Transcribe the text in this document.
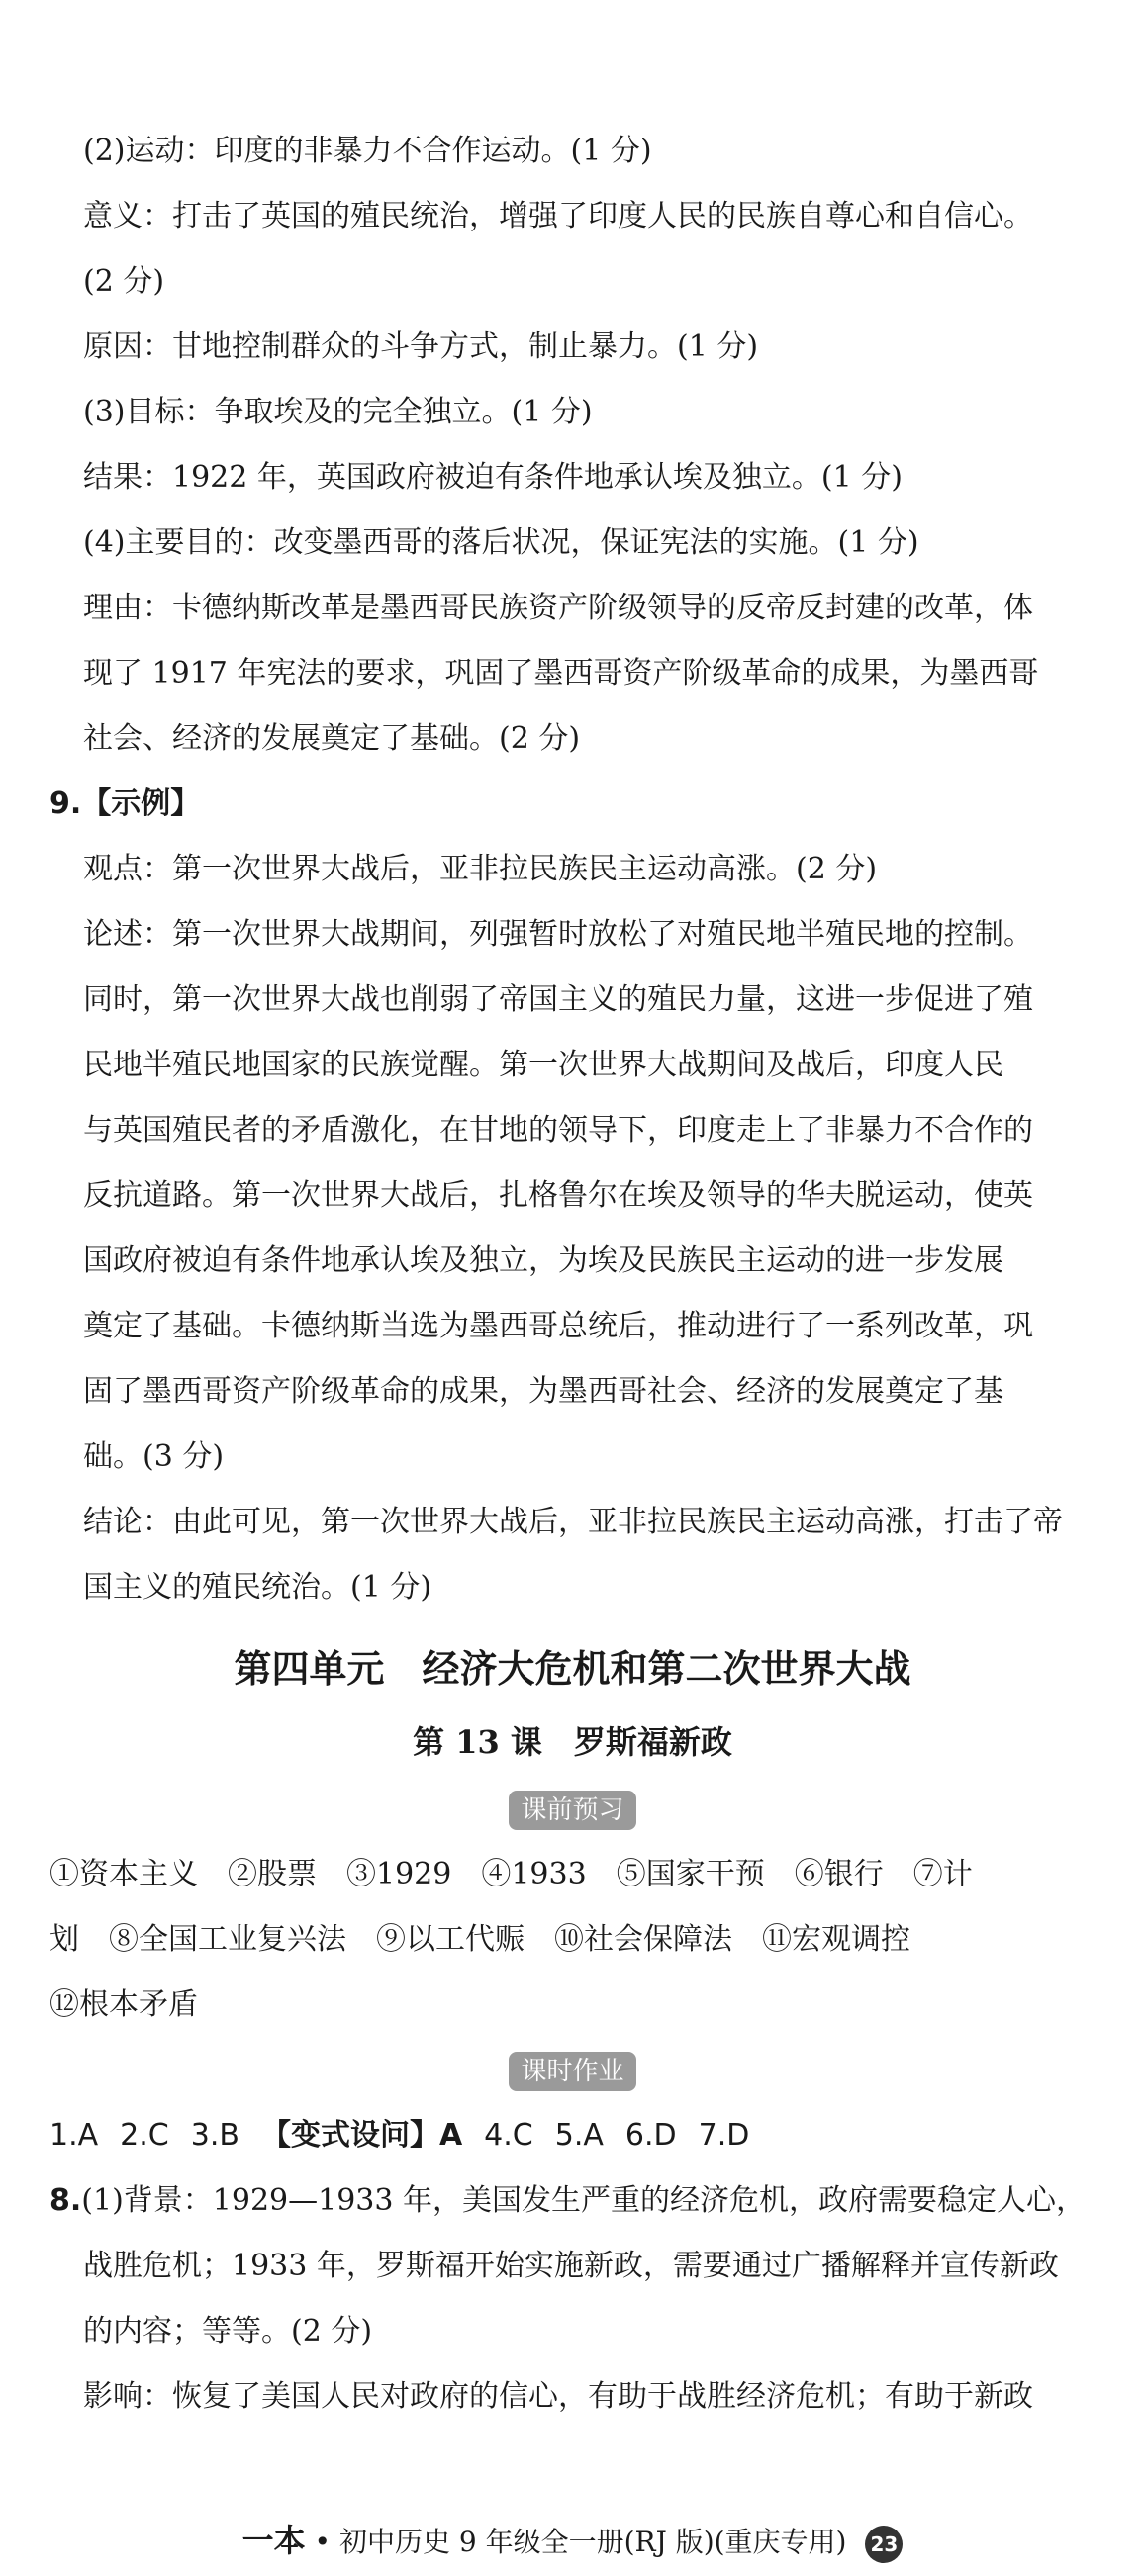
(2)运动：印度的非暴力不合作运动。(1 分)
意义：打击了英国的殖民统治，增强了印度人民的民族自尊心和自信心。
(2 分)
原因：甘地控制群众的斗争方式，制止暴力。(1 分)
(3)目标：争取埃及的完全独立。(1 分)
结果：1922 年，英国政府被迫有条件地承认埃及独立。(1 分)
(4)主要目的：改变墨西哥的落后状况，保证宪法的实施。(1 分)
理由：卡德纳斯改革是墨西哥民族资产阶级领导的反帝反封建的改革，体
现了 1917 年宪法的要求，巩固了墨西哥资产阶级革命的成果，为墨西哥
社会、经济的发展奠定了基础。(2 分)
9.【示例】
观点：第一次世界大战后，亚非拉民族民主运动高涨。(2 分)
论述：第一次世界大战期间，列强暂时放松了对殖民地半殖民地的控制。
同时，第一次世界大战也削弱了帝国主义的殖民力量，这进一步促进了殖
民地半殖民地国家的民族觉醒。第一次世界大战期间及战后，印度人民
与英国殖民者的矛盾激化，在甘地的领导下，印度走上了非暴力不合作的
反抗道路。第一次世界大战后，扎格鲁尔在埃及领导的华夫脱运动，使英
国政府被迫有条件地承认埃及独立，为埃及民族民主运动的进一步发展
奠定了基础。卡德纳斯当选为墨西哥总统后，推动进行了一系列改革，巩
固了墨西哥资产阶级革命的成果，为墨西哥社会、经济的发展奠定了基
础。(3 分)
结论：由此可见，第一次世界大战后，亚非拉民族民主运动高涨，打击了帝
国主义的殖民统治。(1 分)
第四单元　经济大危机和第二次世界大战
第 13 课　罗斯福新政
课前预习
①资本主义　②股票　③1929　④1933　⑤国家干预　⑥银行　⑦计
划　⑧全国工业复兴法　⑨以工代赈　⑩社会保障法　⑪宏观调控
⑫根本矛盾
课时作业
1.A 2.C 3.B 【变式设问】A 4.C 5.A 6.D 7.D
8.(1)背景：1929—1933 年，美国发生严重的经济危机，政府需要稳定人心，
战胜危机；1933 年，罗斯福开始实施新政，需要通过广播解释并宣传新政
的内容；等等。(2 分)
影响：恢复了美国人民对政府的信心，有助于战胜经济危机；有助于新政
一本 • 初中历史 9 年级全一册(RJ 版)(重庆专用) 23
